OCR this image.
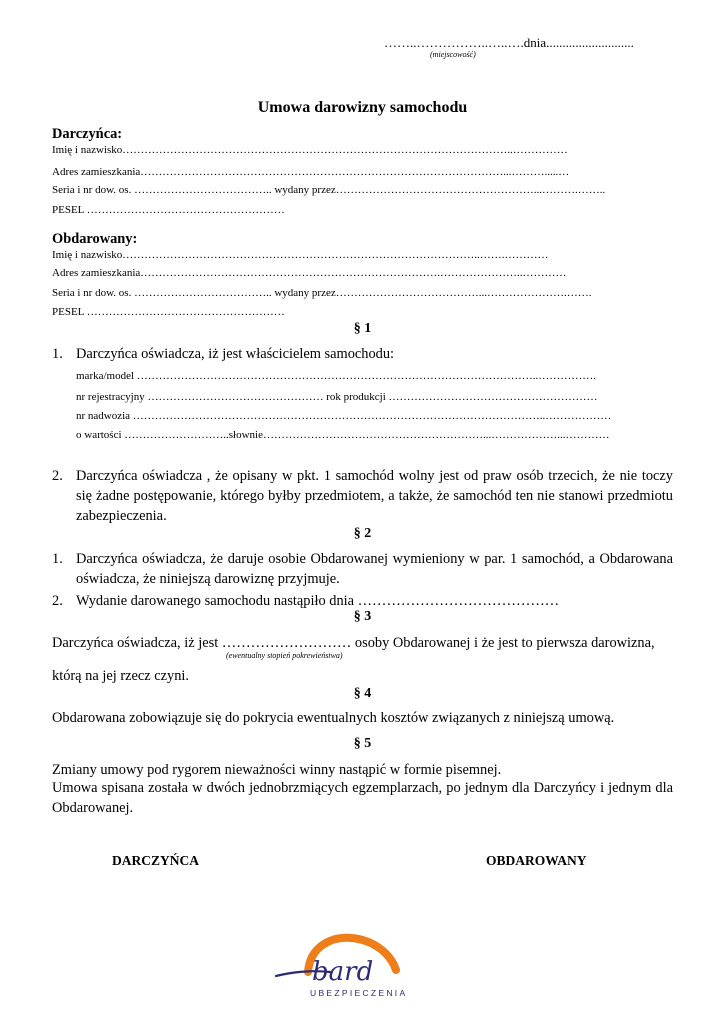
……..……………..…..….dnia...........................
(miejscowość)
Umowa darowizny samochodu
Darczyńca:
Imię i nazwisko……………………………………………………………………………………………..……………
Adres zamieszkania………………………………………………………………………………………...……….....…
Seria i nr dow. os. ……………………………….. wydany przez………………………………………………...……….……..
PESEL ………………………………………………
Obdarowany:
Imię i nazwisko……………………………………………………………………………………..…….…………
Adres zamieszkania……………………………………………………………………….…………………..…………
Seria i nr dow. os. ……………………………….. wydany przez…………………………………...………………….…….
PESEL ………………………………………………
§ 1
1. Darczyńca oświadcza, iż jest właścicielem samochodu:
marka/model ………………………………………………………………………………………………..…………….
nr rejestracyjny ………………………………………… rok produkcji …………………………………………………
nr nadwozia …………………………………………………………………………………………………..………………
o wartości ………………………..słownie……………………………………………………...………………...…………
2. Darczyńca oświadcza , że opisany w pkt. 1 samochód wolny jest od praw osób trzecich, że nie toczy się żadne postępowanie, którego byłby przedmiotem, a także, że samochód ten nie stanowi przedmiotu zabezpieczenia.
§ 2
1. Darczyńca oświadcza, że daruje osobie Obdarowanej wymieniony w par. 1 samochód, a Obdarowana oświadcza, że niniejszą darowiznę przyjmuje.
2. Wydanie darowanego samochodu nastąpiło dnia ……………………………………
§ 3
Darczyńca oświadcza, iż jest ……………………… osoby Obdarowanej i że jest to pierwsza darowizna,
(ewentualny stopień pokrewieństwa)
którą na jej rzecz czyni.
§ 4
Obdarowana zobowiązuje się do pokrycia ewentualnych kosztów związanych z niniejszą umową.
§ 5
Zmiany umowy pod rygorem nieważności winny nastąpić w formie pisemnej.
Umowa spisana została w dwóch jednobrzmiących egzemplarzach, po jednym dla Darczyńcy i jednym dla Obdarowanej.
DARCZYŃCA	OBDAROWANY
bard
UBEZPIECZENIA
